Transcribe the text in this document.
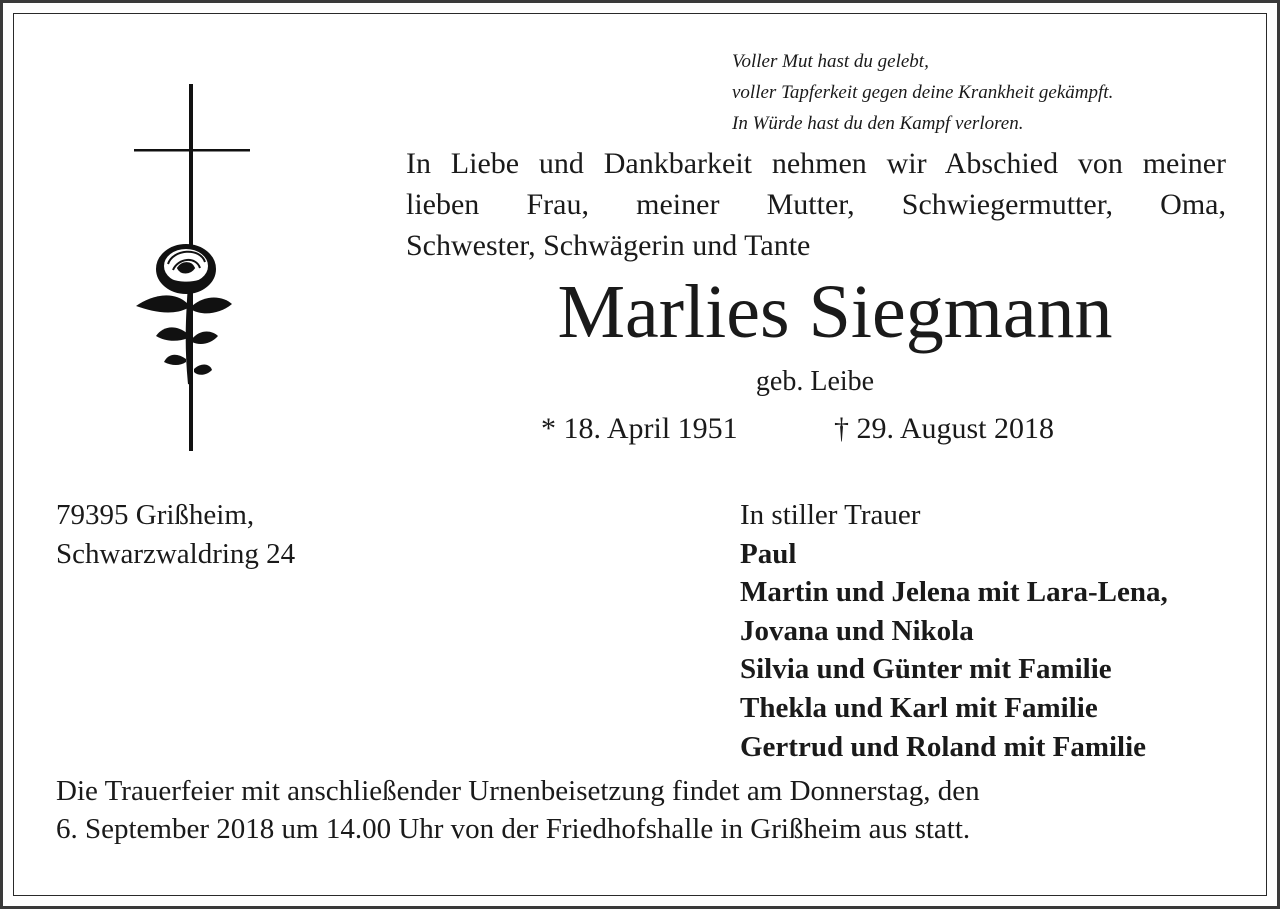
Voller Mut hast du gelebt,
voller Tapferkeit gegen deine Krankheit gekämpft.
In Würde hast du den Kampf verloren.
In Liebe und Dankbarkeit nehmen wir Abschied von meiner
lieben Frau, meiner Mutter, Schwiegermutter, Oma,
Schwester, Schwägerin und Tante
Marlies Siegmann
geb. Leibe
* 18. April 1951	† 29. August 2018
79395 Grißheim,
Schwarzwaldring 24
In stiller Trauer
Paul
Martin und Jelena mit Lara-Lena,
Jovana und Nikola
Silvia und Günter mit Familie
Thekla und Karl mit Familie
Gertrud und Roland mit Familie
Die Trauerfeier mit anschließender Urnenbeisetzung findet am Donnerstag, den
6. September 2018 um 14.00 Uhr von der Friedhofshalle in Grißheim aus statt.
